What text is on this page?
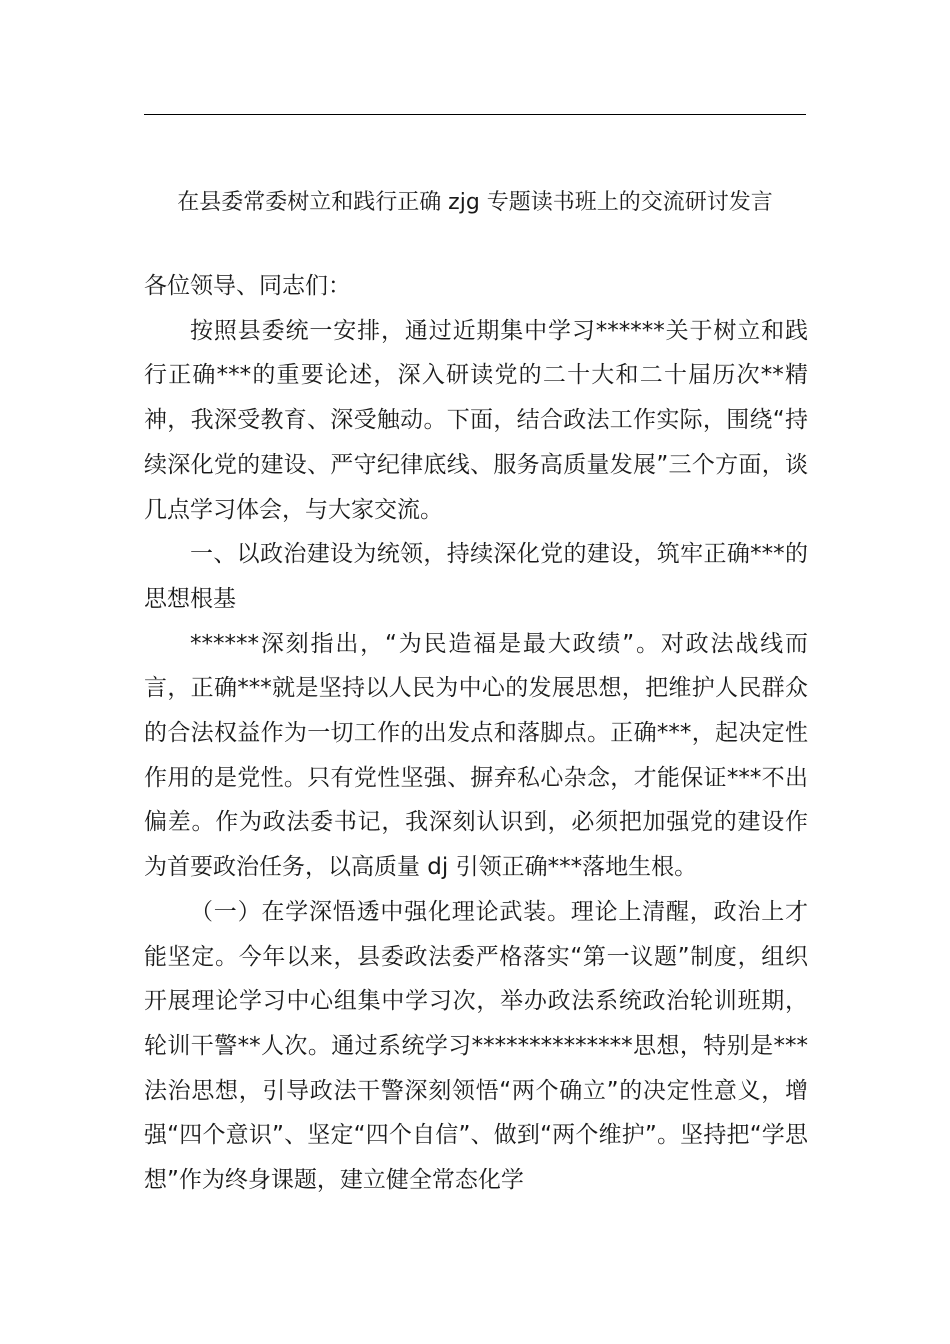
在县委常委树立和践行正确 zjg 专题读书班上的交流研讨发言

各位领导、同志们：

按照县委统一安排，通过近期集中学习******关于树立和践行正确***的重要论述，深入研读党的二十大和二十届历次**精神，我深受教育、深受触动。下面，结合政法工作实际，围绕“持续深化党的建设、严守纪律底线、服务高质量发展”三个方面，谈几点学习体会，与大家交流。

一、以政治建设为统领，持续深化党的建设，筑牢正确***的思想根基

******深刻指出，“为民造福是最大政绩”。对政法战线而言，正确***就是坚持以人民为中心的发展思想，把维护人民群众的合法权益作为一切工作的出发点和落脚点。正确***，起决定性作用的是党性。只有党性坚强、摒弃私心杂念，才能保证***不出偏差。作为政法委书记，我深刻认识到，必须把加强党的建设作为首要政治任务，以高质量 dj 引领正确***落地生根。

（一）在学深悟透中强化理论武装。理论上清醒，政治上才能坚定。今年以来，县委政法委严格落实“第一议题”制度，组织开展理论学习中心组集中学习次，举办政法系统政治轮训班期，轮训干警**人次。通过系统学习**************思想，特别是***法治思想，引导政法干警深刻领悟“两个确立”的决定性意义，增强“四个意识”、坚定“四个自信”、做到“两个维护”。坚持把“学思想”作为终身课题，建立健全常态化学
